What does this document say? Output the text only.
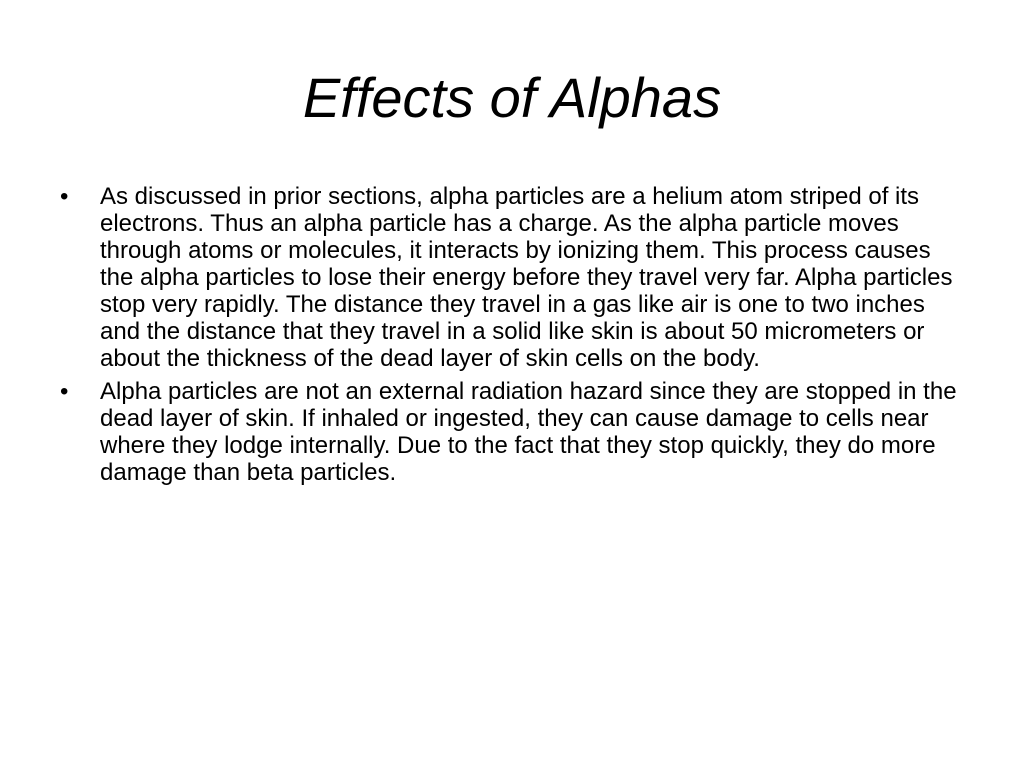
Effects of Alphas
•	As discussed in prior sections, alpha particles are a helium atom striped of its electrons. Thus an alpha particle has a charge. As the alpha particle moves through atoms or molecules, it interacts by ionizing them. This process causes the alpha particles to lose their energy before they travel very far. Alpha particles stop very rapidly. The distance they travel in a gas like air is one to two inches and the distance that they travel in a solid like skin is about 50 micrometers or about the thickness of the dead layer of skin cells on the body.
•	Alpha particles are not an external radiation hazard since they are stopped in the dead layer of skin. If inhaled or ingested, they can cause damage to cells near where they lodge internally. Due to the fact that they stop quickly, they do more damage than beta particles.
